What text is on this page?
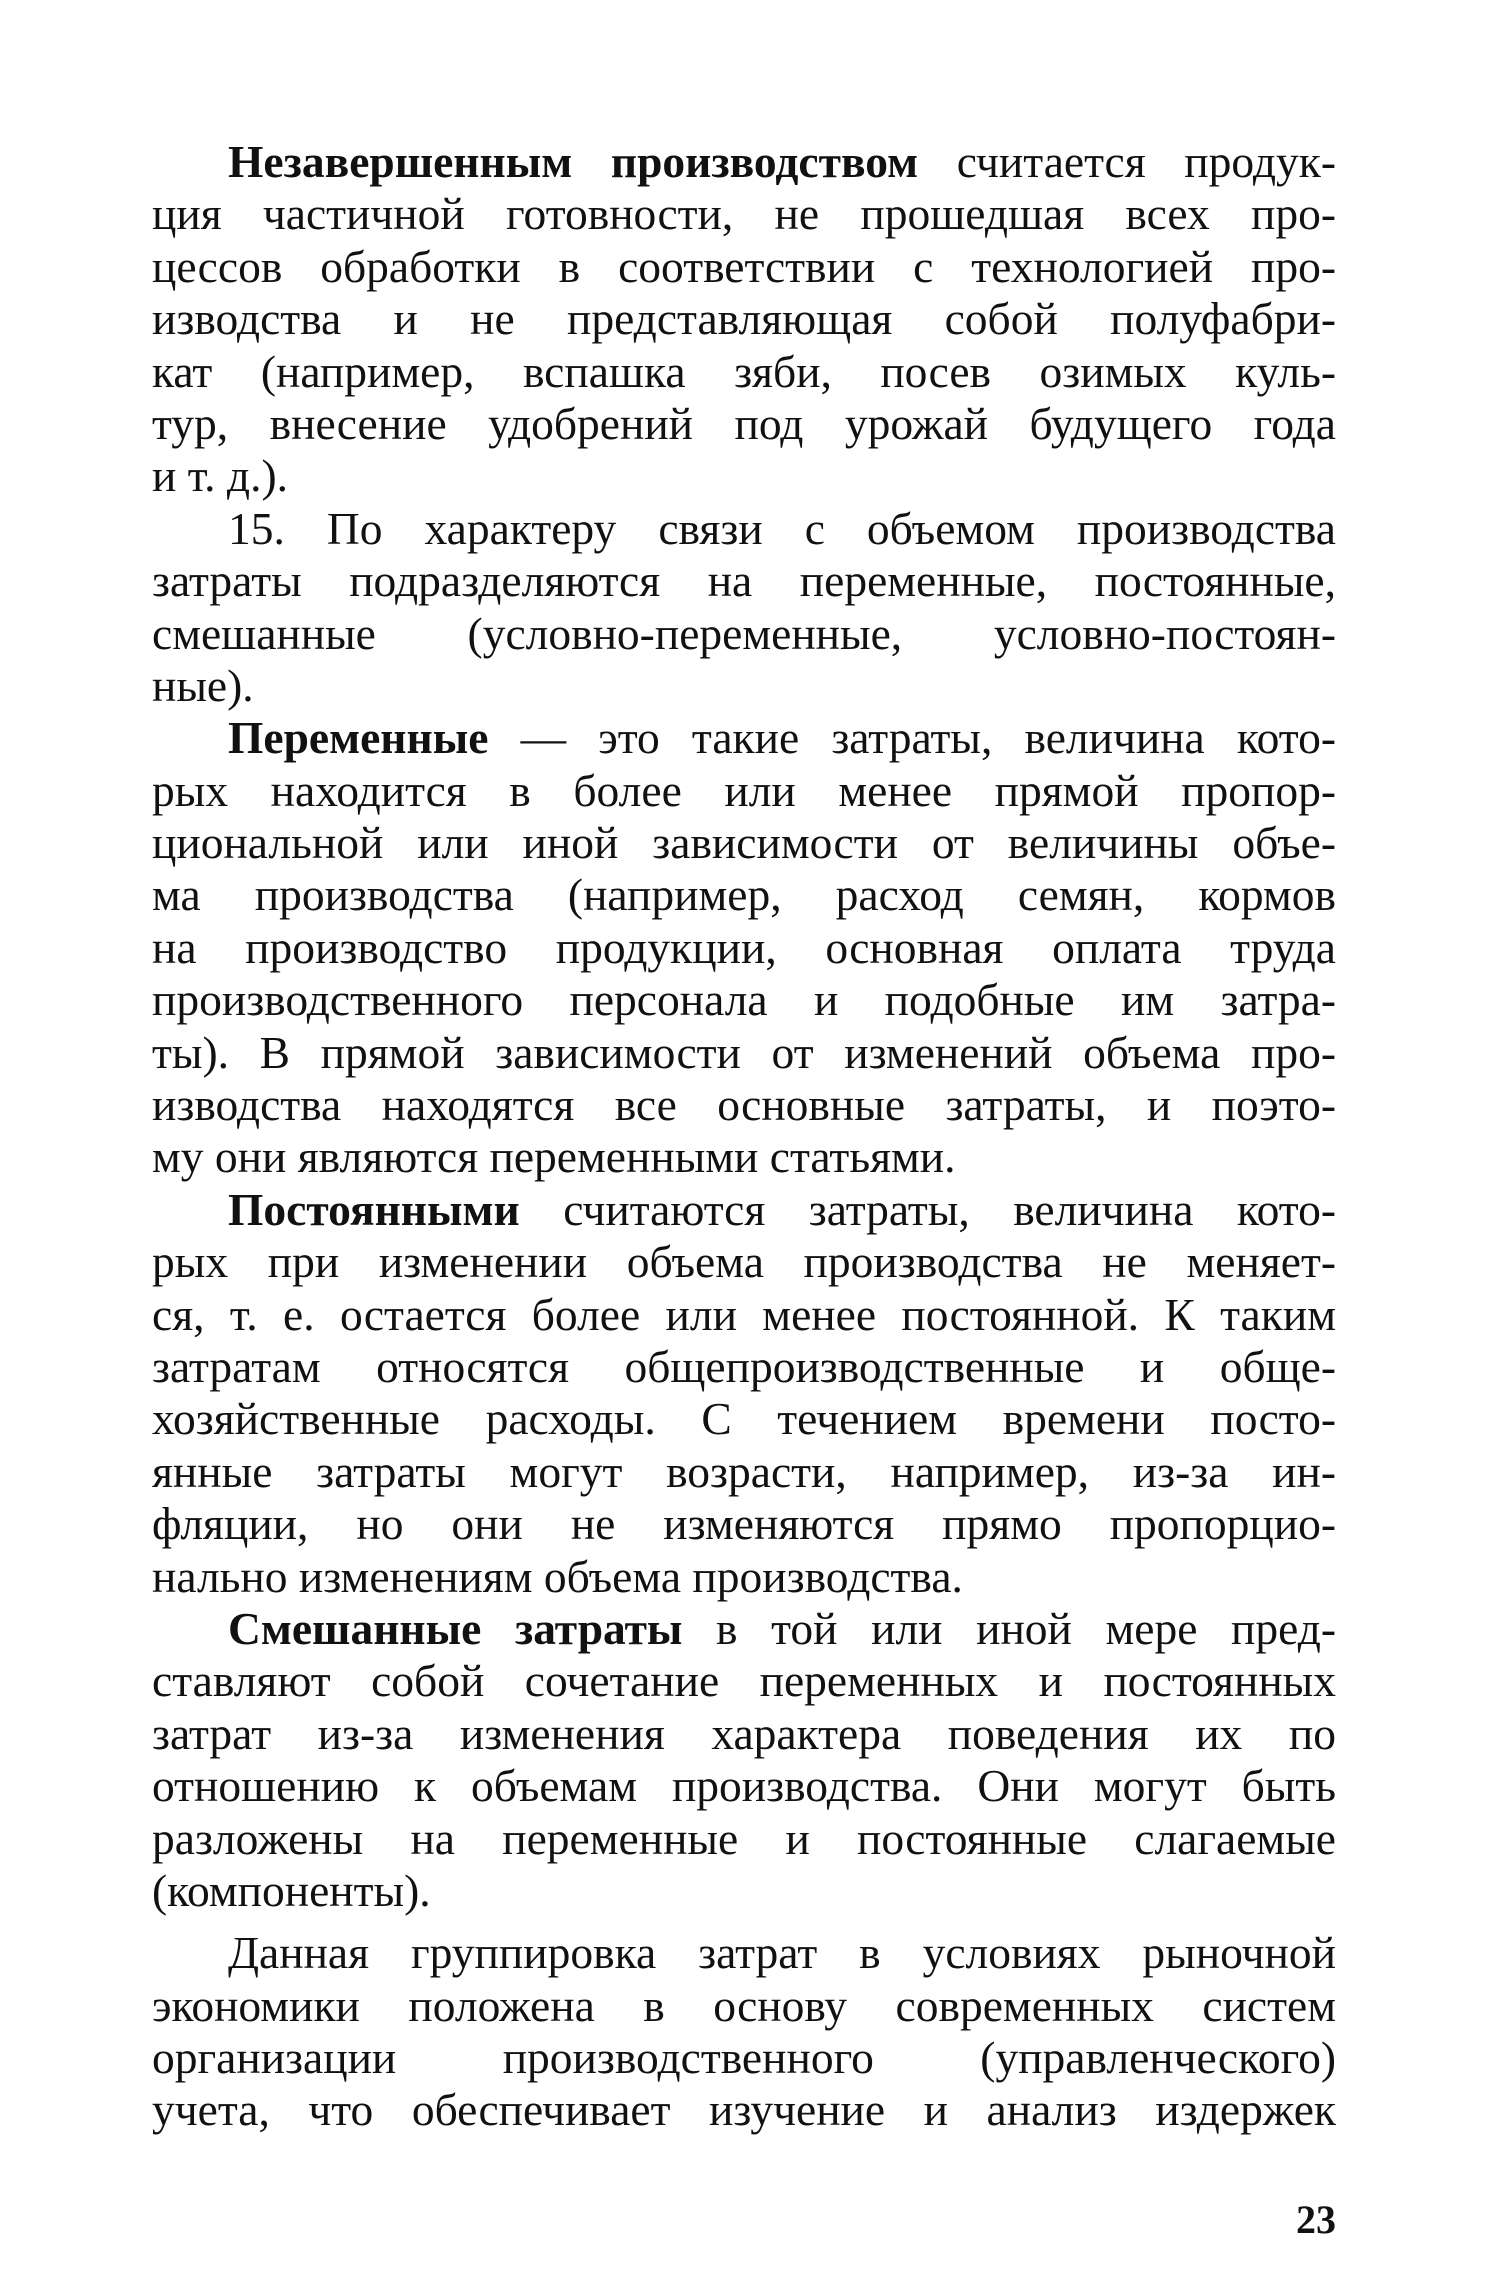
Незавершенным производством считается продук-
ция частичной готовности, не прошедшая всех про-
цессов обработки в соответствии с технологией про-
изводства и не представляющая собой полуфабри-
кат (например, вспашка зяби, посев озимых куль-
тур, внесение удобрений под урожай будущего года
и т. д.).
15. По характеру связи с объемом производства
затраты подразделяются на переменные, постоянные,
смешанные (условно-переменные, условно-постоян-
ные).
Переменные — это такие затраты, величина кото-
рых находится в более или менее прямой пропор-
циональной или иной зависимости от величины объе-
ма производства (например, расход семян, кормов
на производство продукции, основная оплата труда
производственного персонала и подобные им затра-
ты). В прямой зависимости от изменений объема про-
изводства находятся все основные затраты, и поэто-
му они являются переменными статьями.
Постоянными считаются затраты, величина кото-
рых при изменении объема производства не меняет-
ся, т. е. остается более или менее постоянной. К таким
затратам относятся общепроизводственные и обще-
хозяйственные расходы. С течением времени посто-
янные затраты могут возрасти, например, из-за ин-
фляции, но они не изменяются прямо пропорцио-
нально изменениям объема производства.
Смешанные затраты в той или иной мере пред-
ставляют собой сочетание переменных и постоянных
затрат из-за изменения характера поведения их по
отношению к объемам производства. Они могут быть
разложены на переменные и постоянные слагаемые
(компоненты).
Данная группировка затрат в условиях рыночной
экономики положена в основу современных систем
организации производственного (управленческого)
учета, что обеспечивает изучение и анализ издержек
23
